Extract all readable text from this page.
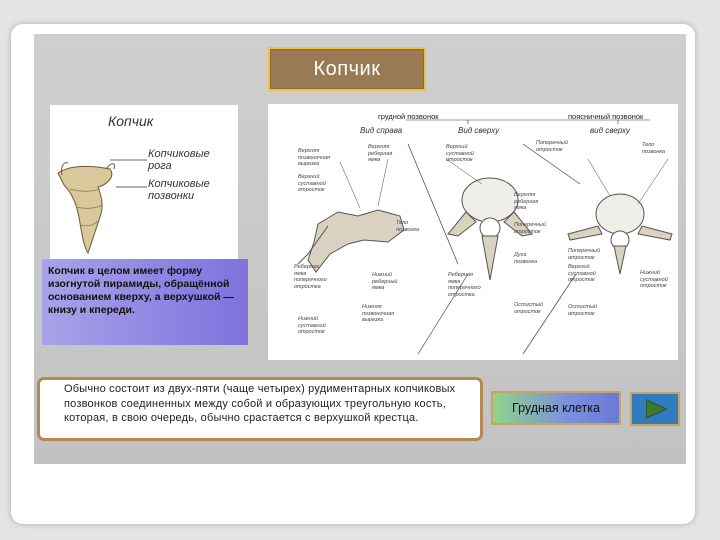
Копчик
Копчик
Копчиковые
рога
Копчиковые
позвонки
Копчик в целом имеет форму изогнутой пирамиды, обращённой основанием кверху, а верхушкой — книзу и кпереди.
грудной позвонок	поясничный позвонок
Вид справа	Вид сверху	вид сверху
Верхняя
позвоночная
вырезка
Верхняя
реберная
ямка
Верхний
суставной
отросток
Поперечный
отросток
Тело
позвонка
Верхний
суставной
отросток
Тело
позвонка
Реберная
ямка
поперечного
отростка
Нижний
реберный
ямка
Нижняя
позвоночная
вырезка
Нижний
суставной
отросток
Верхняя
реберная
ямка
Поперечный
отросток
Дуга
позвонка
Реберная
ямка
поперечного
отростка
Остистый
отросток
Поперечный
отросток
Верхний
суставной
отросток
Нижний
суставной
отросток
Остистый
отросток
Обычно состоит из двух-пяти (чаще четырех) рудиментарных копчиковых позвонков соединенных между собой и образующих треугольную кость, которая, в свою очередь, обычно срастается с верхушкой крестца.
Грудная клетка
